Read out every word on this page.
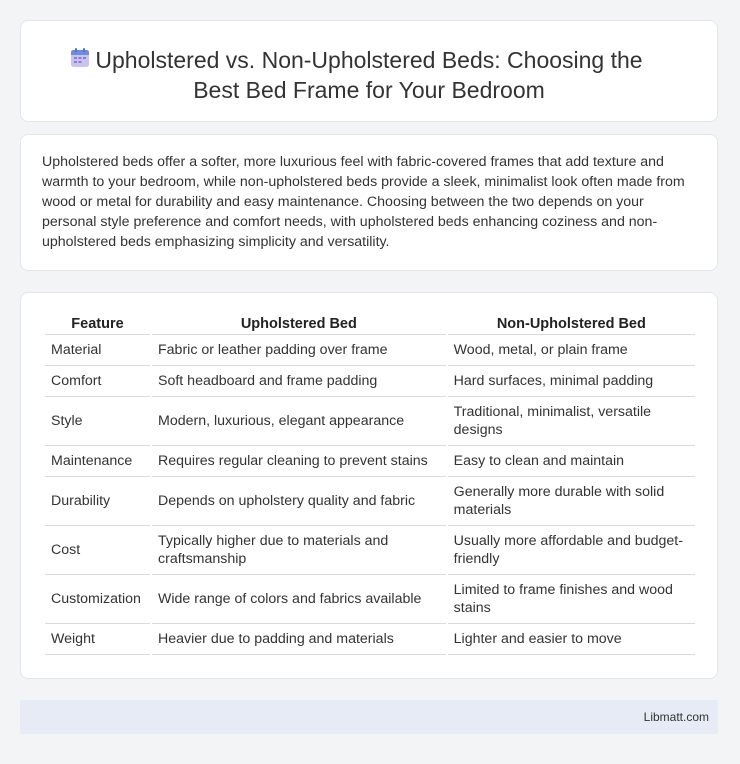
Upholstered vs. Non-Upholstered Beds: Choosing the
Best Bed Frame for Your Bedroom

Upholstered beds offer a softer, more luxurious feel with fabric-covered frames that add texture and warmth to your bedroom, while non-upholstered beds provide a sleek, minimalist look often made from wood or metal for durability and easy maintenance. Choosing between the two depends on your personal style preference and comfort needs, with upholstered beds enhancing coziness and non-upholstered beds emphasizing simplicity and versatility.

Feature	Upholstered Bed	Non-Upholstered Bed
Material	Fabric or leather padding over frame	Wood, metal, or plain frame
Comfort	Soft headboard and frame padding	Hard surfaces, minimal padding
Style	Modern, luxurious, elegant appearance	Traditional, minimalist, versatile designs
Maintenance	Requires regular cleaning to prevent stains	Easy to clean and maintain
Durability	Depends on upholstery quality and fabric	Generally more durable with solid materials
Cost	Typically higher due to materials and craftsmanship	Usually more affordable and budget-friendly
Customization	Wide range of colors and fabrics available	Limited to frame finishes and wood stains
Weight	Heavier due to padding and materials	Lighter and easier to move
Libmatt.com
